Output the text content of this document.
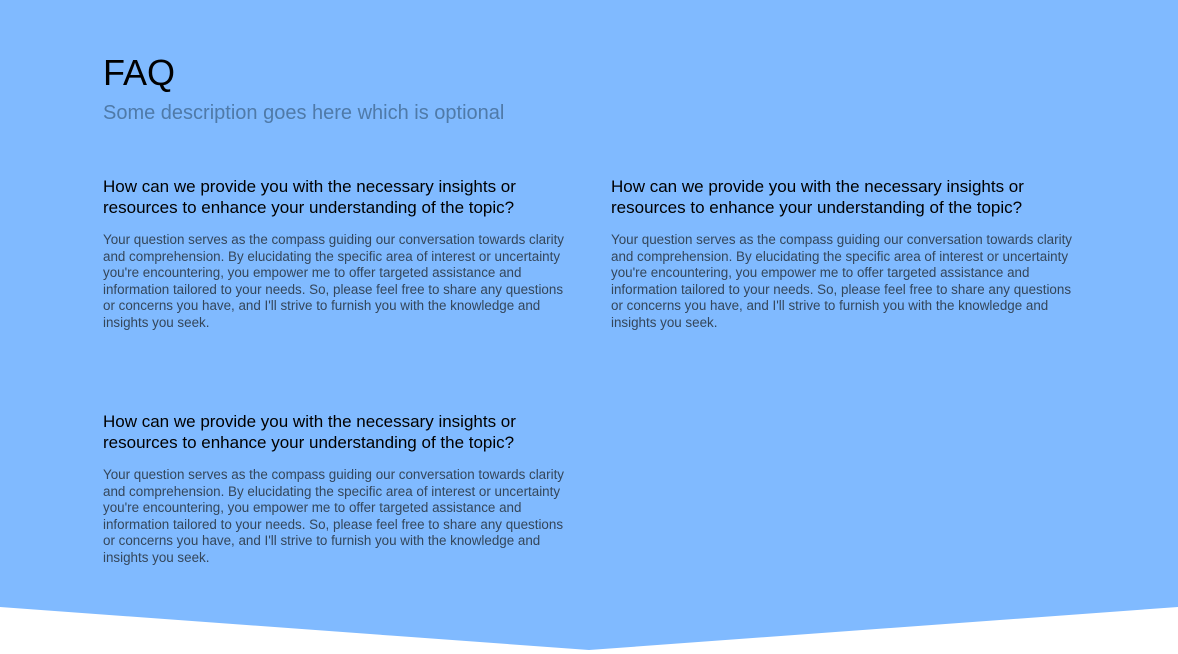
FAQ

Some description goes here which is optional

How can we provide you with the necessary insights or resources to enhance your understanding of the topic?

Your question serves as the compass guiding our conversation towards clarity and comprehension. By elucidating the specific area of interest or uncertainty you're encountering, you empower me to offer targeted assistance and information tailored to your needs. So, please feel free to share any questions or concerns you have, and I'll strive to furnish you with the knowledge and insights you seek.

How can we provide you with the necessary insights or resources to enhance your understanding of the topic?

Your question serves as the compass guiding our conversation towards clarity and comprehension. By elucidating the specific area of interest or uncertainty you're encountering, you empower me to offer targeted assistance and information tailored to your needs. So, please feel free to share any questions or concerns you have, and I'll strive to furnish you with the knowledge and insights you seek.

How can we provide you with the necessary insights or resources to enhance your understanding of the topic?

Your question serves as the compass guiding our conversation towards clarity and comprehension. By elucidating the specific area of interest or uncertainty you're encountering, you empower me to offer targeted assistance and information tailored to your needs. So, please feel free to share any questions or concerns you have, and I'll strive to furnish you with the knowledge and insights you seek.
